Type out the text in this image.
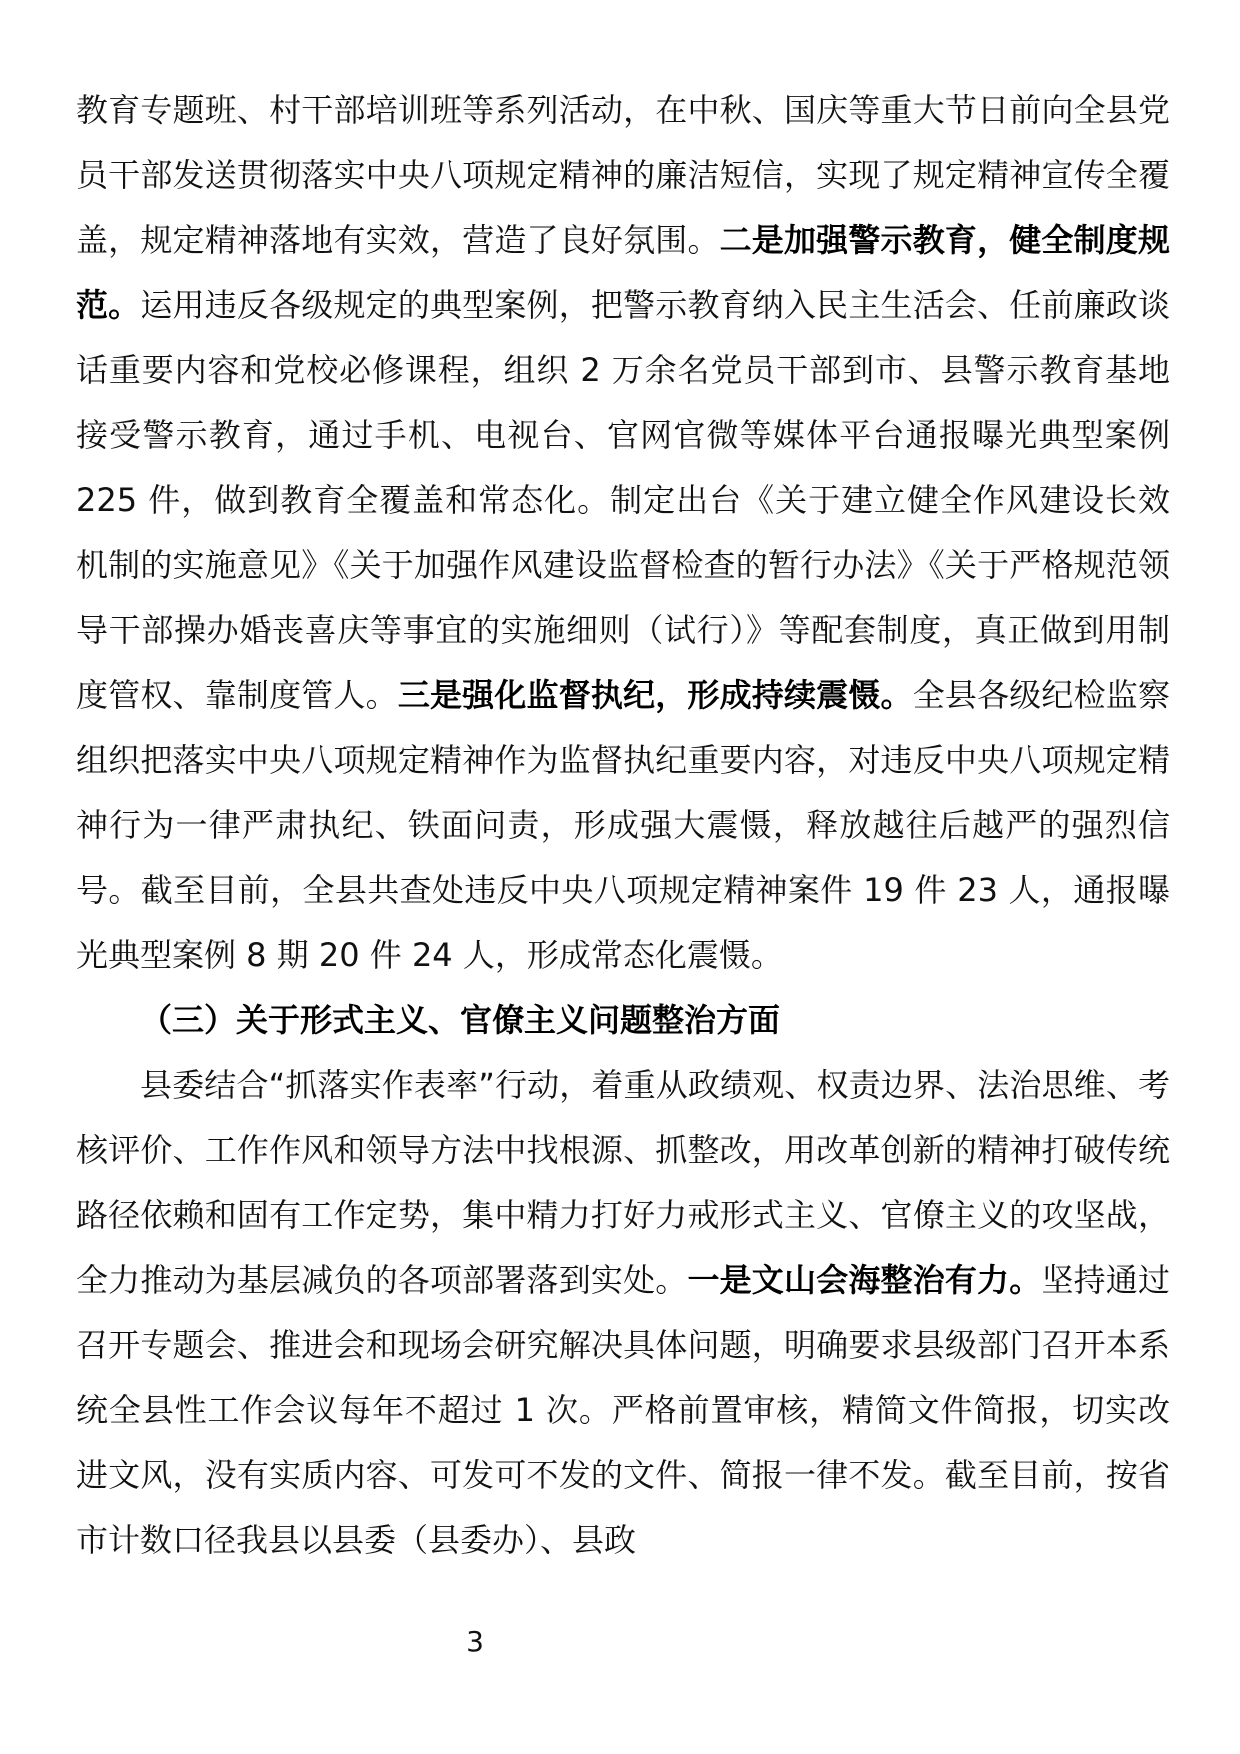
教育专题班、村干部培训班等系列活动，在中秋、国庆等重大节日前向全县党员干部发送贯彻落实中央八项规定精神的廉洁短信，实现了规定精神宣传全覆盖，规定精神落地有实效，营造了良好氛围。二是加强警示教育，健全制度规范。运用违反各级规定的典型案例，把警示教育纳入民主生活会、任前廉政谈话重要内容和党校必修课程，组织 2 万余名党员干部到市、县警示教育基地接受警示教育，通过手机、电视台、官网官微等媒体平台通报曝光典型案例 225 件，做到教育全覆盖和常态化。制定出台《关于建立健全作风建设长效机制的实施意见》《关于加强作风建设监督检查的暂行办法》《关于严格规范领导干部操办婚丧喜庆等事宜的实施细则（试行）》等配套制度，真正做到用制度管权、靠制度管人。三是强化监督执纪，形成持续震慑。全县各级纪检监察组织把落实中央八项规定精神作为监督执纪重要内容，对违反中央八项规定精神行为一律严肃执纪、铁面问责，形成强大震慑，释放越往后越严的强烈信号。截至目前，全县共查处违反中央八项规定精神案件 19 件 23 人，通报曝光典型案例 8 期 20 件 24 人，形成常态化震慑。

（三）关于形式主义、官僚主义问题整治方面

县委结合“抓落实作表率”行动，着重从政绩观、权责边界、法治思维、考核评价、工作作风和领导方法中找根源、抓整改，用改革创新的精神打破传统路径依赖和固有工作定势，集中精力打好力戒形式主义、官僚主义的攻坚战，全力推动为基层减负的各项部署落到实处。一是文山会海整治有力。坚持通过召开专题会、推进会和现场会研究解决具体问题，明确要求县级部门召开本系统全县性工作会议每年不超过 1 次。严格前置审核，精简文件简报，切实改进文风，没有实质内容、可发可不发的文件、简报一律不发。截至目前，按省市计数口径我县以县委（县委办）、县政

3
